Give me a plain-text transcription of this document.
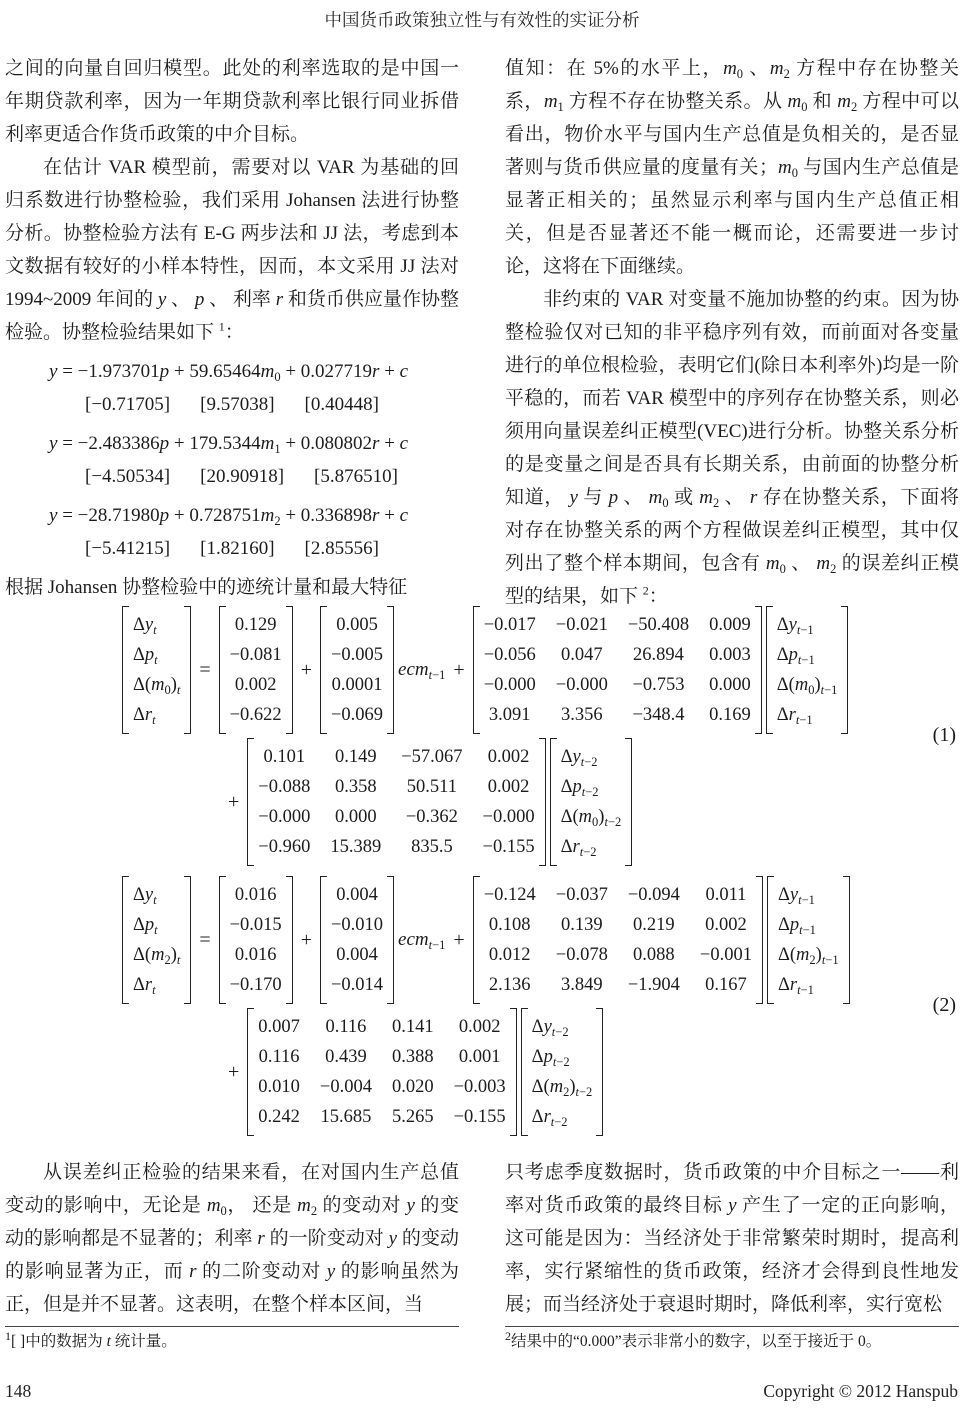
中国货币政策独立性与有效性的实证分析
之间的向量自回归模型。此处的利率选取的是中国一年期贷款利率，因为一年期贷款利率比银行同业拆借利率更适合作货币政策的中介目标。
在估计 VAR 模型前，需要对以 VAR 为基础的回归系数进行协整检验，我们采用 Johansen 法进行协整分析。协整检验方法有 E-G 两步法和 JJ 法，考虑到本文数据有较好的小样本特性，因而，本文采用 JJ 法对 1994~2009 年间的 y 、 p 、 利率 r 和货币供应量作协整检验。协整检验结果如下 $^1$：
$y = -1.973701p + 59.65464m_0 + 0.027719r + c$
[−0.71705] [9.57038] [0.40448]
$y = -2.483386p + 179.5344m_1 + 0.080802r + c$
[−4.50534] [20.90918] [5.876510]
$y = -28.71980p + 0.728751m_2 + 0.336898r + c$
[−5.41215] [1.82160] [2.85556]
根据 Johansen 协整检验中的迹统计量和最大特征
值知：在 5%的水平上，$m_0$ 、$m_2$ 方程中存在协整关系，$m_1$ 方程不存在协整关系。从 $m_0$ 和 $m_2$ 方程中可以看出，物价水平与国内生产总值是负相关的，是否显著则与货币供应量的度量有关；$m_0$ 与国内生产总值是显著正相关的；虽然显示利率与国内生产总值正相关，但是否显著还不能一概而论，还需要进一步讨论，这将在下面继续。
非约束的 VAR 对变量不施加协整的约束。因为协整检验仅对已知的非平稳序列有效，而前面对各变量进行的单位根检验，表明它们(除日本利率外)均是一阶平稳的，而若 VAR 模型中的序列存在协整关系，则必须用向量误差纠正模型(VEC)进行分析。协整关系分析的是变量之间是否具有长期关系，由前面的协整分析知道， y 与 p 、 $m_0$ 或 $m_2$ 、 r 存在协整关系，下面将对存在协整关系的两个方程做误差纠正模型，其中仅列出了整个样本期间，包含有 $m_0$ 、 $m_2$ 的误差纠正模型的结果，如下 $^2$：
$\Delta y_t$
$\Delta p_t$
$\Delta(m_0)_t$
$\Delta r_t$
=
0.129
−0.081
0.002
−0.622
+
0.005
−0.005
0.0001
−0.069
ecm$_{t-1}$ +
−0.017 −0.021 −50.408 0.009
−0.056 0.047 26.894 0.003
−0.000 −0.000 −0.753 0.000
3.091 3.356 −348.4 0.169
$\Delta y_{t-1}$
$\Delta p_{t-1}$
$\Delta(m_0)_{t-1}$
$\Delta r_{t-1}$
+
0.101 0.149 −57.067 0.002
−0.088 0.358 50.511	0.002
−0.000 0.000 −0.362 −0.000
−0.960 15.389	835.5	−0.155
$\Delta y_{t-2}$
$\Delta p_{t-2}$
$\Delta(m_0)_{t-2}$
$\Delta r_{t-2}$
(1)
$\Delta y_t$
$\Delta p_t$
$\Delta(m_2)_t$
$\Delta r_t$
=
0.016
−0.015
0.016
−0.170
+
0.004
−0.010
0.004
−0.014
ecm$_{t-1}$ +
−0.124 −0.037 −0.094 0.011
0.108 0.139 0.219 0.002
0.012 −0.078 0.088 −0.001
2.136 3.849 −1.904 0.167
$\Delta y_{t-1}$
$\Delta p_{t-1}$
$\Delta(m_2)_{t-1}$
$\Delta r_{t-1}$
+
0.007 0.116	0.141 0.002
0.116 0.439 0.388 0.001
0.010 −0.004 0.020 −0.003
0.242 15.685 5.265 −0.155
$\Delta y_{t-2}$
$\Delta p_{t-2}$
$\Delta(m_2)_{t-2}$
$\Delta r_{t-2}$
(2)
从误差纠正检验的结果来看，在对国内生产总值变动的影响中，无论是 $m_0$， 还是 $m_2$ 的变动对 y 的变动的影响都是不显著的；利率 r 的一阶变动对 y 的变动的影响显著为正，而 r 的二阶变动对 y 的影响虽然为正，但是并不显著。这表明，在整个样本区间，当
$^1$[ ]中的数据为 t 统计量。
只考虑季度数据时，货币政策的中介目标之一——利率对货币政策的最终目标 y 产生了一定的正向影响，这可能是因为：当经济处于非常繁荣时期时，提高利率，实行紧缩性的货币政策，经济才会得到良性地发展；而当经济处于衰退时期时，降低利率，实行宽松
$^2$结果中的“0.000”表示非常小的数字，以至于接近于 0。
148	Copyright © 2012 Hanspub
